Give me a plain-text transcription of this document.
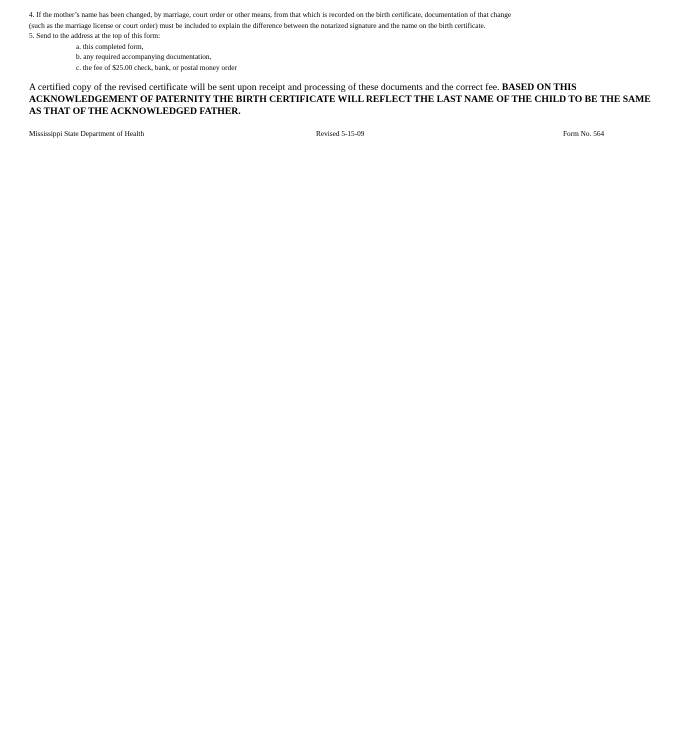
4. If the mother’s name has been changed, by marriage, court order or other means, from that which is recorded on the birth certificate, documentation of that change
(such as the marriage license or court order) must be included to explain the difference between the notarized signature and the name on the birth certificate.
5. Send to the address at the top of this form:
a. this completed form,
b. any required accompanying documentation,
c. the fee of $25.00 check, bank, or postal money order
A certified copy of the revised certificate will be sent upon receipt and processing of these documents and the correct fee. BASED ON THIS ACKNOWLEDGEMENT OF PATERNITY THE BIRTH CERTIFICATE WILL REFLECT THE LAST NAME OF THE CHILD TO BE THE SAME AS THAT OF THE ACKNOWLEDGED FATHER.
Mississippi State Department of Health	Revised 5-15-09	Form No. 564
